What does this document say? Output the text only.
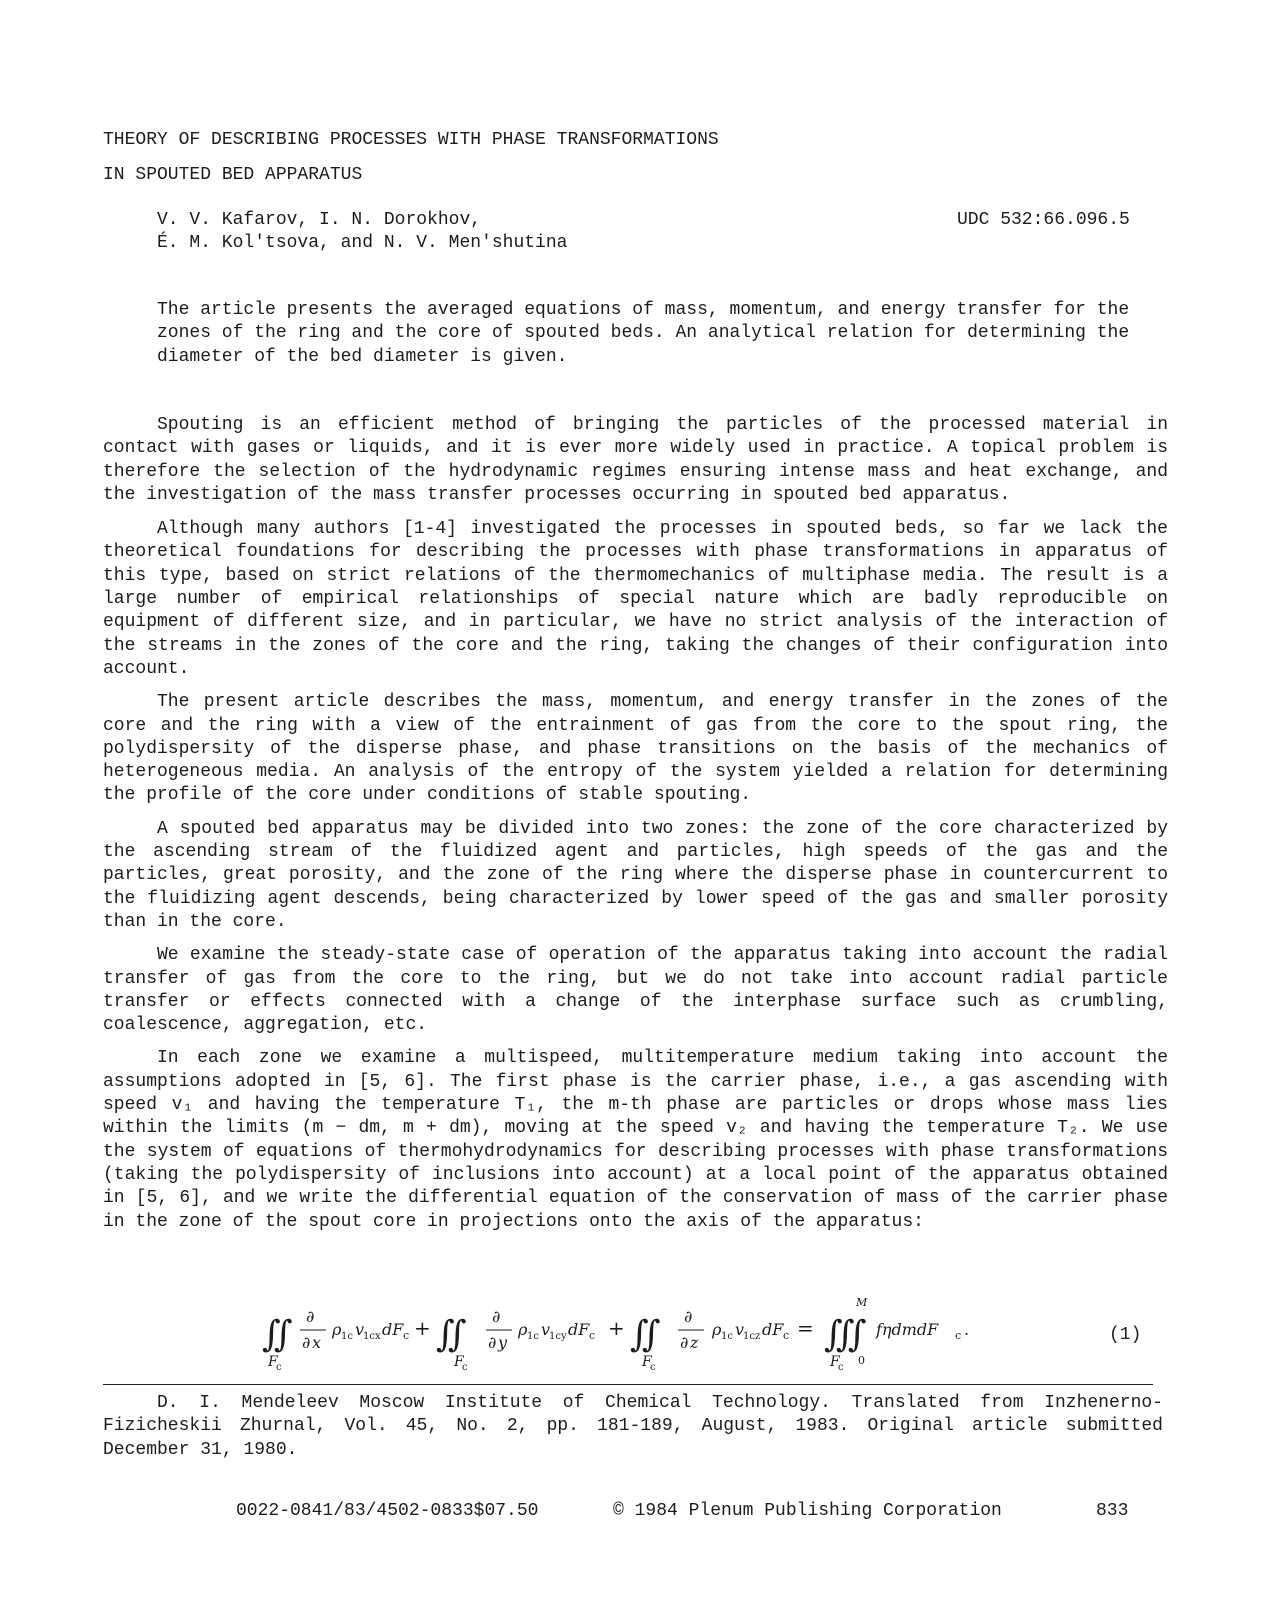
THEORY OF DESCRIBING PROCESSES WITH PHASE TRANSFORMATIONS
IN SPOUTED BED APPARATUS
V. V. Kafarov, I. N. Dorokhov,
É. M. Kol'tsova, and N. V. Men'shutina
UDC 532:66.096.5
The article presents the averaged equations of mass, momentum, and energy transfer for the zones of the ring and the core of spouted beds. An analytical relation for determining the diameter of the bed diameter is given.

Spouting is an efficient method of bringing the particles of the processed material in contact with gases or liquids, and it is ever more widely used in practice. A topical problem is therefore the selection of the hydrodynamic regimes ensuring intense mass and heat exchange, and the investigation of the mass transfer processes occurring in spouted bed apparatus.

Although many authors [1-4] investigated the processes in spouted beds, so far we lack the theoretical foundations for describing the processes with phase transformations in apparatus of this type, based on strict relations of the thermomechanics of multiphase media. The result is a large number of empirical relationships of special nature which are badly reproducible on equipment of different size, and in particular, we have no strict analysis of the interaction of the streams in the zones of the core and the ring, taking the changes of their configuration into account.

The present article describes the mass, momentum, and energy transfer in the zones of the core and the ring with a view of the entrainment of gas from the core to the spout ring, the polydispersity of the disperse phase, and phase transitions on the basis of the mechanics of heterogeneous media. An analysis of the entropy of the system yielded a relation for determining the profile of the core under conditions of stable spouting.

A spouted bed apparatus may be divided into two zones: the zone of the core characterized by the ascending stream of the fluidized agent and particles, high speeds of the gas and the particles, great porosity, and the zone of the ring where the disperse phase in countercurrent to the fluidizing agent descends, being characterized by lower speed of the gas and smaller porosity than in the core.

We examine the steady-state case of operation of the apparatus taking into account the radial transfer of gas from the core to the ring, but we do not take into account radial particle transfer or effects connected with a change of the interphase surface such as crumbling, coalescence, aggregation, etc.

In each zone we examine a multispeed, multitemperature medium taking into account the assumptions adopted in [5, 6]. The first phase is the carrier phase, i.e., a gas ascending with speed v₁ and having the temperature T₁, the m-th phase are particles or drops whose mass lies within the limits (m − dm, m + dm), moving at the speed v₂ and having the temperature T₂. We use the system of equations of thermohydrodynamics for describing processes with phase transformations (taking the polydispersity of inclusions into account) at a local point of the apparatus obtained in [5, 6], and we write the differential equation of the conservation of mass of the carrier phase in the zone of the spout core in projections onto the axis of the apparatus:

∬
F
c
∂
∂ x
ρ 1c v
1cx dF c + ∬
F
c
∂
∂ y
ρ 1c v
1cy dF c + ∬
F
c
∂
∂ z
ρ 1c v
1cz dF c = ∭
F
c
M
0
fηdmdF c .	(1)
D. I. Mendeleev Moscow Institute of Chemical Technology. Translated from Inzhenerno-Fizicheskii Zhurnal, Vol. 45, No. 2, pp. 181-189, August, 1983. Original article submitted December 31, 1980.
0022-0841/83/4502-0833$07.50	© 1984 Plenum Publishing Corporation	833
